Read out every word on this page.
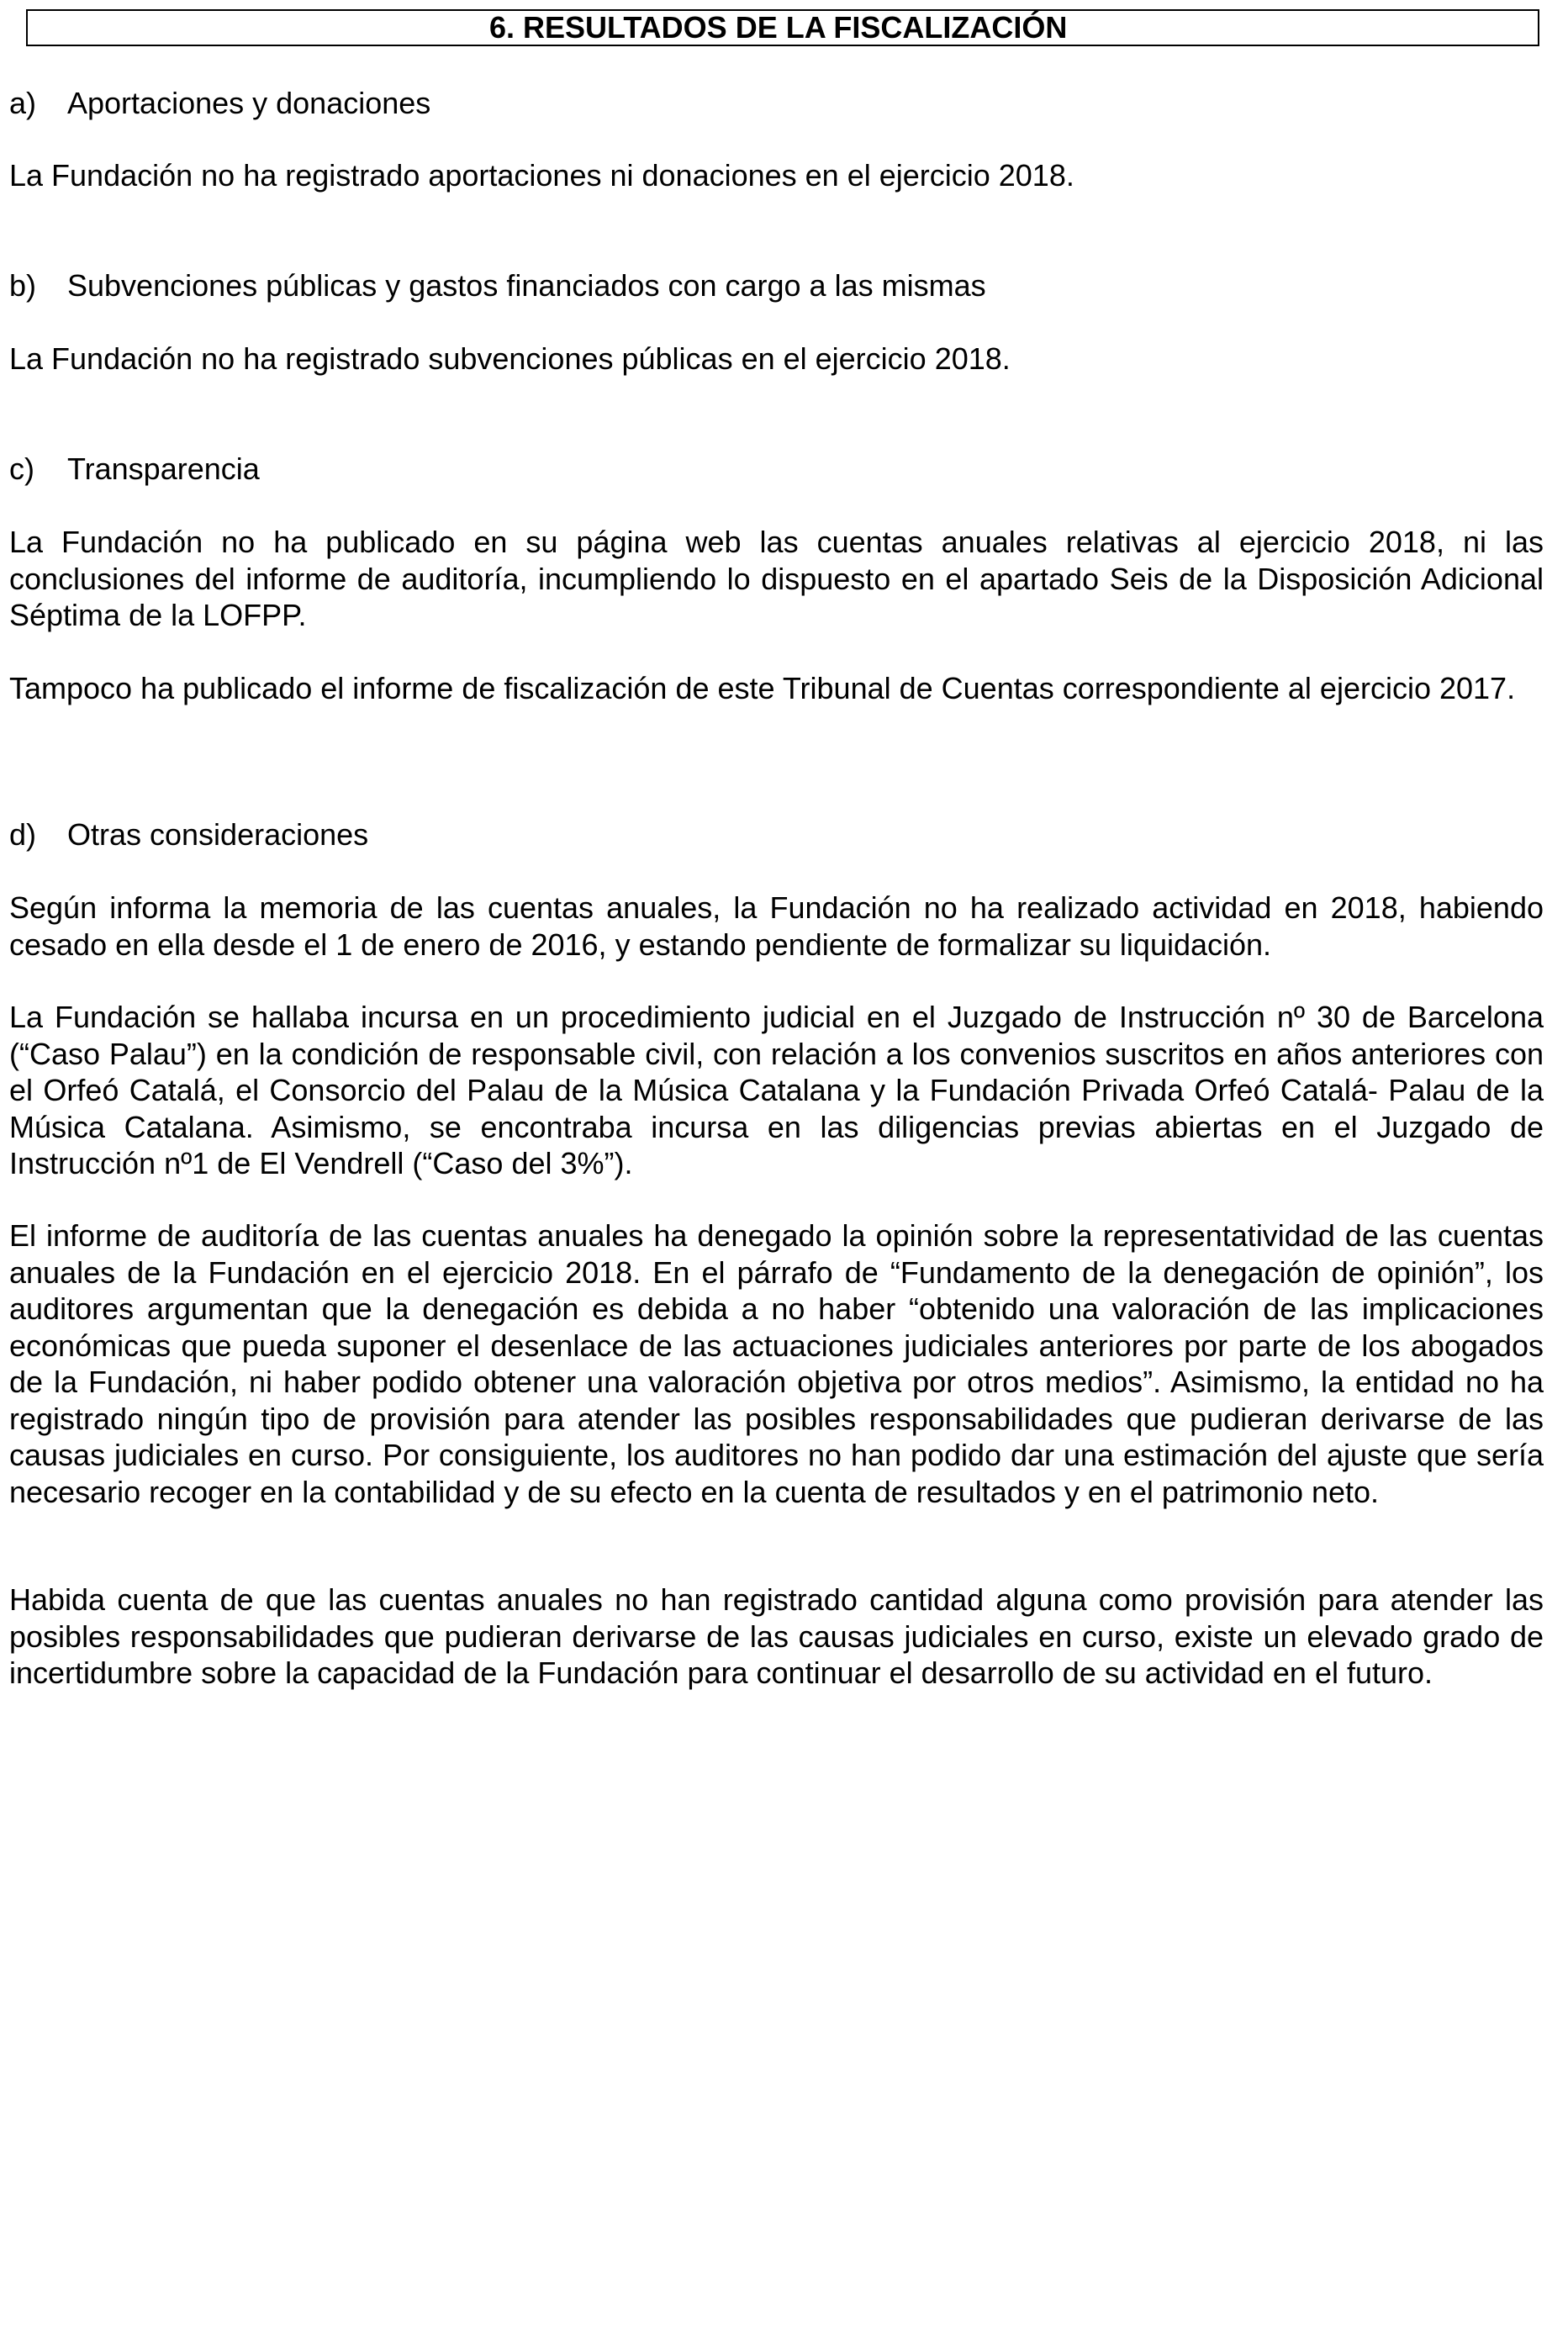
6. RESULTADOS DE LA FISCALIZACIÓN
a) Aportaciones y donaciones

La Fundación no ha registrado aportaciones ni donaciones en el ejercicio 2018.

b) Subvenciones públicas y gastos financiados con cargo a las mismas

La Fundación no ha registrado subvenciones públicas en el ejercicio 2018.

c) Transparencia

La Fundación no ha publicado en su página web las cuentas anuales relativas al ejercicio 2018, ni las conclusiones del informe de auditoría, incumpliendo lo dispuesto en el apartado Seis de la Disposición Adicional Séptima de la LOFPP.

Tampoco ha publicado el informe de fiscalización de este Tribunal de Cuentas correspondiente al ejercicio 2017.

d) Otras consideraciones

Según informa la memoria de las cuentas anuales, la Fundación no ha realizado actividad en 2018, habiendo cesado en ella desde el 1 de enero de 2016, y estando pendiente de formalizar su liquidación.

La Fundación se hallaba incursa en un procedimiento judicial en el Juzgado de Instrucción nº 30 de Barcelona (“Caso Palau”) en la condición de responsable civil, con relación a los convenios suscritos en años anteriores con el Orfeó Catalá, el Consorcio del Palau de la Música Catalana y la Fundación Privada Orfeó Catalá- Palau de la Música Catalana. Asimismo, se encontraba incursa en las diligencias previas abiertas en el Juzgado de Instrucción nº1 de El Vendrell (“Caso del 3%”).

El informe de auditoría de las cuentas anuales ha denegado la opinión sobre la representatividad de las cuentas anuales de la Fundación en el ejercicio 2018. En el párrafo de “Fundamento de la denegación de opinión”, los auditores argumentan que la denegación es debida a no haber “obtenido una valoración de las implicaciones económicas que pueda suponer el desenlace de las actuaciones judiciales anteriores por parte de los abogados de la Fundación, ni haber podido obtener una valoración objetiva por otros medios”. Asimismo, la entidad no ha registrado ningún tipo de provisión para atender las posibles responsabilidades que pudieran derivarse de las causas judiciales en curso. Por consiguiente, los auditores no han podido dar una estimación del ajuste que sería necesario recoger en la contabilidad y de su efecto en la cuenta de resultados y en el patrimonio neto.

Habida cuenta de que las cuentas anuales no han registrado cantidad alguna como provisión para atender las posibles responsabilidades que pudieran derivarse de las causas judiciales en curso, existe un elevado grado de incertidumbre sobre la capacidad de la Fundación para continuar el desarrollo de su actividad en el futuro.
